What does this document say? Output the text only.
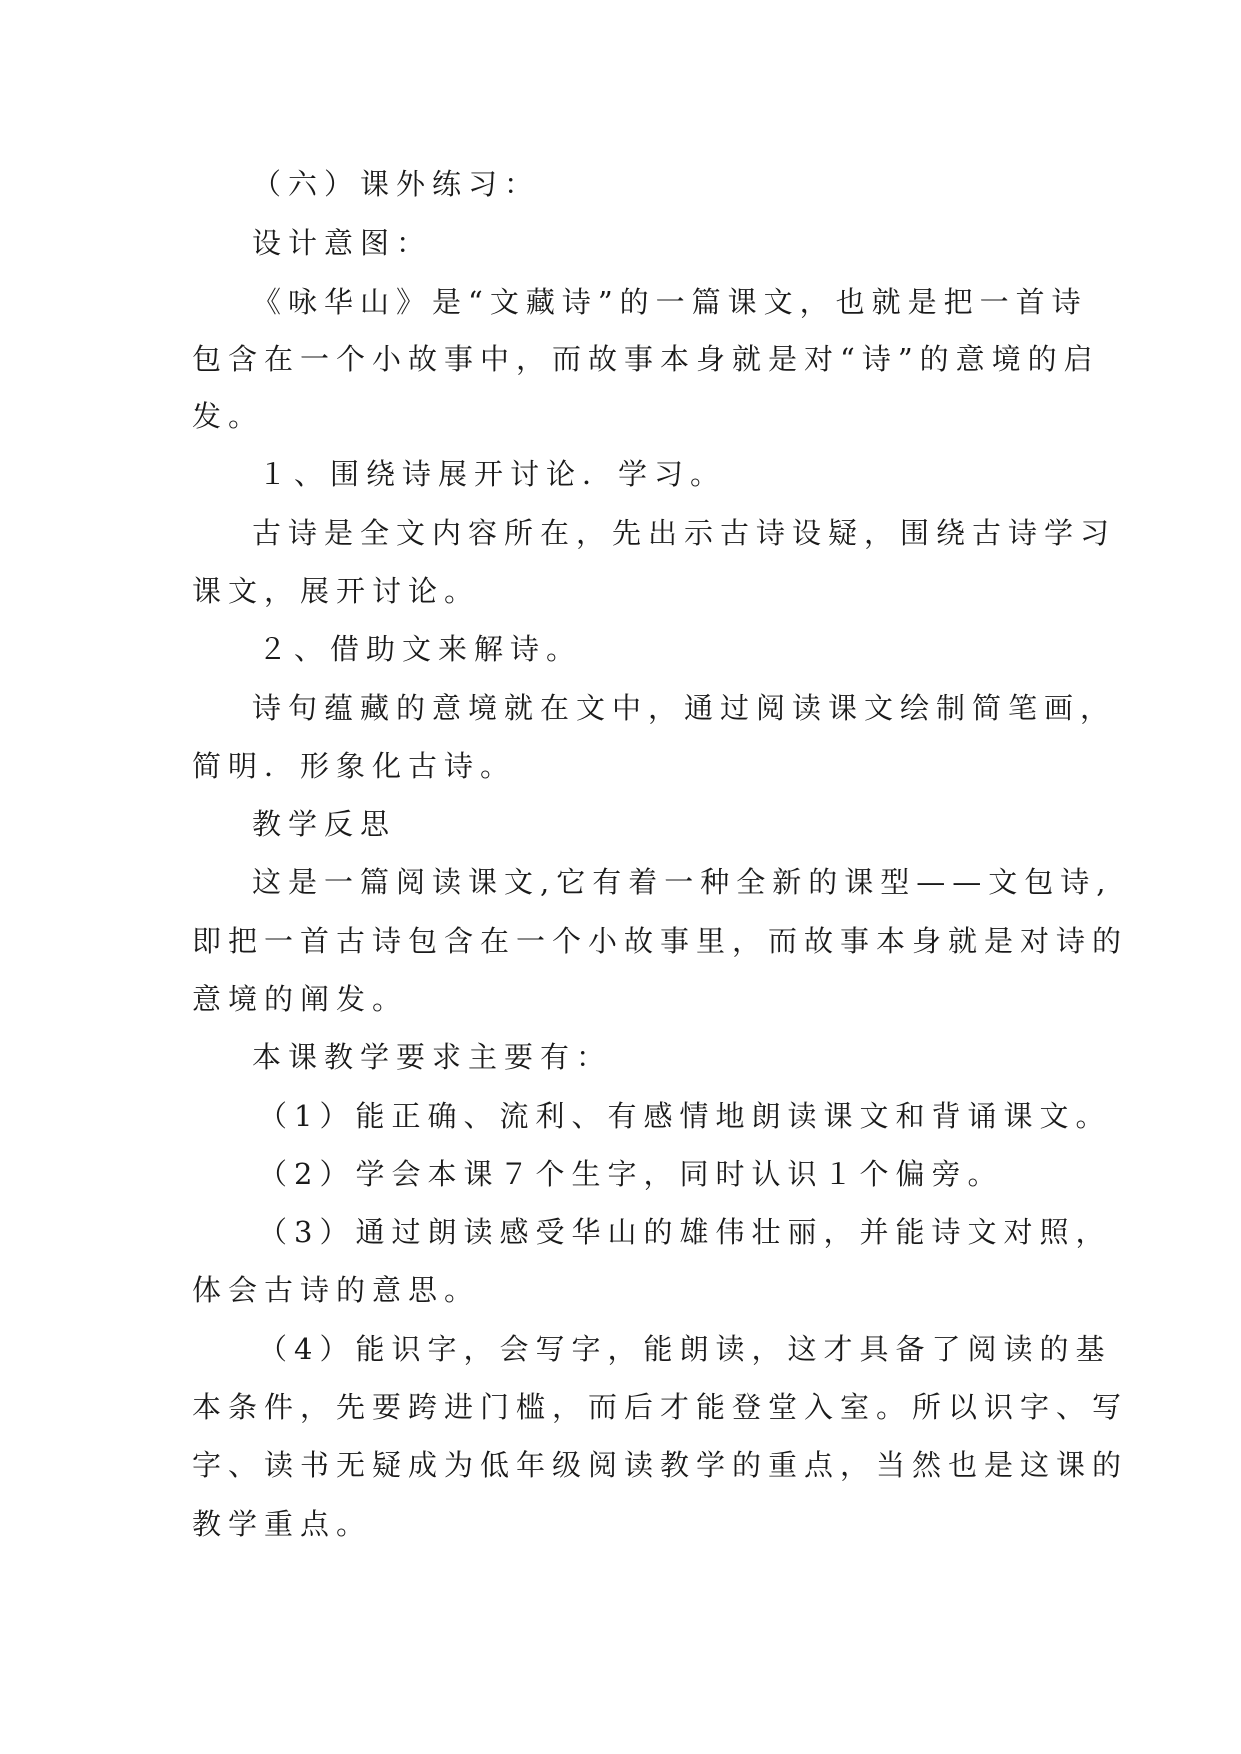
（六）课外练习：
设计意图：
《咏华山》是“文藏诗”的一篇课文，也就是把一首诗
包含在一个小故事中，而故事本身就是对“诗”的意境的启
发。
１、围绕诗展开讨论．学习。
古诗是全文内容所在，先出示古诗设疑，围绕古诗学习
课文，展开讨论。
２、借助文来解诗。
诗句蕴藏的意境就在文中，通过阅读课文绘制简笔画，
简明．形象化古诗。
教学反思
这是一篇阅读课文,它有着一种全新的课型——文包诗,
即把一首古诗包含在一个小故事里，而故事本身就是对诗的
意境的阐发。
本课教学要求主要有：
（1）能正确、流利、有感情地朗读课文和背诵课文。
（2）学会本课７个生字，同时认识１个偏旁。
（3）通过朗读感受华山的雄伟壮丽，并能诗文对照，
体会古诗的意思。
（4）能识字，会写字，能朗读，这才具备了阅读的基
本条件，先要跨进门槛，而后才能登堂入室。所以识字、写
字、读书无疑成为低年级阅读教学的重点，当然也是这课的
教学重点。
